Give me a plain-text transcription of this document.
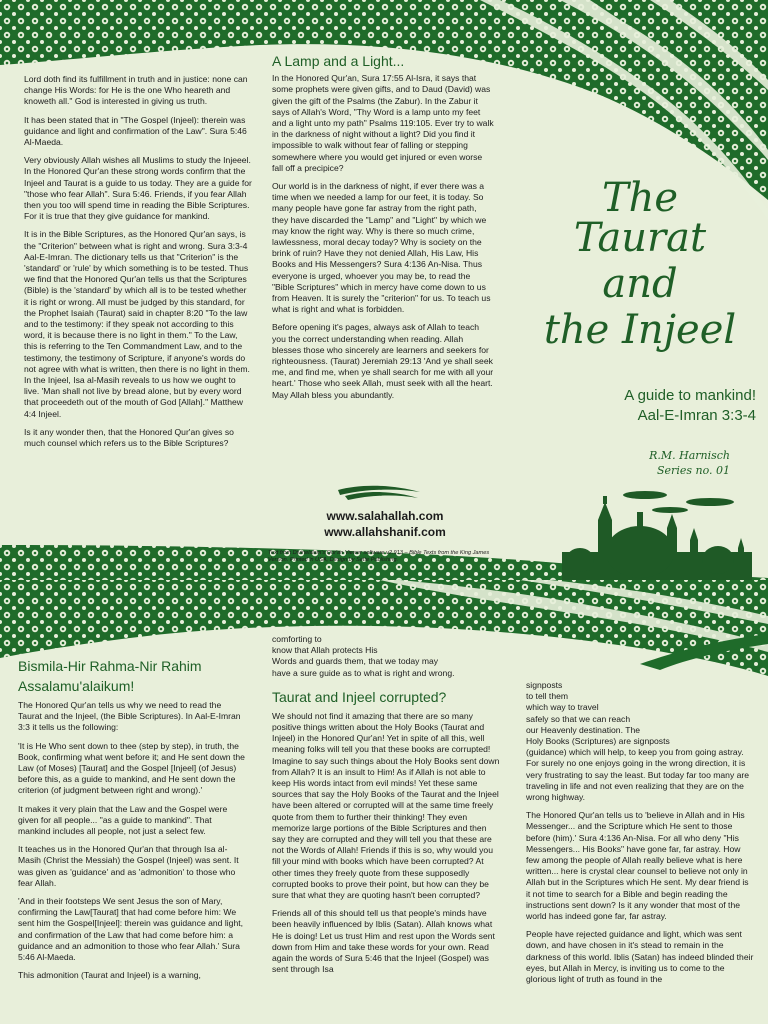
Lord doth find its fulfillment in truth and in justice: none can change His Words: for He is the one Who heareth and knoweth all." God is interested in giving us truth.

It has been stated that in "The Gospel (Injeel): therein was guidance and light and confirmation of the Law". Sura 5:46 Al-Maeda.

Very obviously Allah wishes all Muslims to study the Injeeel. In the Honored Qur'an these strong words confirm that the Injeel and Taurat is a guide to us today. They are a guide for "those who fear Allah". Sura 5:46. Friends, if you fear Allah then you too will spend time in reading the Bible Scriptures. For it is true that they give guidance for mankind.

It is in the Bible Scriptures, as the Honored Qur'an says, is the "Criterion" between what is right and wrong. Sura 3:3-4 Aal-E-Imran. The dictionary tells us that "Criterion" is the 'standard' or 'rule' by which something is to be tested. Thus we find that the Honored Qur'an tells us that the Scriptures (Bible) is the 'standard' by which all is to be tested whether it is right or wrong. All must be judged by this standard, for the Prophet Isaiah (Taurat) said in chapter 8:20 "To the law and to the testimony: if they speak not according to this word, it is because there is no light in them." To the Law, this is referring to the Ten Commandment Law, and to the testimony, the testimony of Scripture, if anyone's words do not agree with what is written, then there is no light in them. In the Injeel, Isa al-Masih reveals to us how we ought to live. 'Man shall not live by bread alone, but by every word that proceedeth out of the mouth of God [Allah]." Matthew 4:4 Injeel.

Is it any wonder then, that the Honored Qur'an gives so much counsel which refers us to the Bible Scriptures?

A Lamp and a Light...

In the Honored Qur'an, Sura 17:55 Al-Isra, it says that some prophets were given gifts, and to Daud (David) was given the gift of the Psalms (the Zabur). In the Zabur it says of Allah's Word, "Thy Word is a lamp unto my feet and a light unto my path" Psalms 119:105. Ever try to walk in the darkness of night without a light? Did you find it impossible to walk without fear of falling or stepping somewhere where you would get injured or even worse fall off a precipice?

Our world is in the darkness of night, if ever there was a time when we needed a lamp for our feet, it is today. So many people have gone far astray from the right path, they have discarded the "Lamp" and "Light" by which we may know the right way. Why is there so much crime, lawlessness, moral decay today? Why is society on the brink of ruin? Have they not denied Allah, His Law, His Books and His Messengers? Sura 4:136 An-Nisa. Thus everyone is urged, whoever you may be, to read the "Bible Scriptures" which in mercy have come down to us from Heaven. It is surely the "criterion" for us. To teach us what is right and what is forbidden.

Before opening it's pages, always ask of Allah to teach you the correct understanding when reading. Allah blesses those who sincerely are learners and seekers for righteousness. (Taurat) Jeremiah 29:13 'And ye shall seek me, and find me, when ye shall search for me with all your heart.' Those who seek Allah, must seek with all the heart. May Allah bless you abundantly.

www.salahallah.com
www.allahshanif.com
Text from Divinelslam's Qur'an Viewer software v2.913 – Bible Texts from the King James Version. Printed in USA, Design by Sette Publishing.
The Taurat
and
the Injeel
A guide to mankind!
Aal-E-Imran 3:3-4
R.M. Harnisch
Series no. 01
Bismila-Hir Rahma-Nir Rahim
Assalamu'alaikum!

The Honored Qur'an tells us why we need to read the Taurat and the Injeel, (the Bible Scriptures). In Aal-E-Imran 3:3 it tells us the following:

'It is He Who sent down to thee (step by step), in truth, the Book, confirming what went before it; and He sent down the Law (of Moses) [Taurat] and the Gospel [Injeel] (of Jesus) before this, as a guide to mankind, and He sent down the criterion (of judgment between right and wrong).'

It makes it very plain that the Law and the Gospel were given for all people... "as a guide to mankind". That mankind includes all people, not just a select few.

It teaches us in the Honored Qur'an that through Isa al-Masih (Christ the Messiah) the Gospel (Injeel) was sent. It was given as 'guidance' and as 'admonition' to those who fear Allah.

'And in their footsteps We sent Jesus the son of Mary, confirming the Law[Taurat] that had come before him: We sent him the Gospel[Injeel]: therein was guidance and light, and confirmation of the Law that had come before him: a guidance and an admonition to those who fear Allah.' Sura 5:46 Al-Maeda.

This admonition (Taurat and Injeel) is a warning,

comforting to
know that Allah protects His
Words and guards them, that we today may
have a sure guide as to what is right and wrong.
Taurat and Injeel corrupted?

We should not find it amazing that there are so many positive things written about the Holy Books (Taurat and Injeel) in the Honored Qur'an! Yet in spite of all this, well meaning folks will tell you that these books are corrupted! Imagine to say such things about the Holy Books sent down from Allah? It is an insult to Him! As if Allah is not able to keep His words intact from evil minds! Yet these same sources that say the Holy Books of the Taurat and the Injeel have been altered or corrupted will at the same time freely quote from them to further their thinking! They even memorize large portions of the Bible Scriptures and then say they are corrupted and they will tell you that these are not the Words of Allah! Friends if this is so, why would you fill your mind with books which have been corrupted? At other times they freely quote from these supposedly corrupted books to prove their point, but how can they be sure that what they are quoting hasn't been corrupted?

Friends all of this should tell us that people's minds have been heavily influenced by Iblis (Satan). Allah knows what He is doing! Let us trust Him and rest upon the Words sent down from Him and take these words for your own. Read again the words of Sura 5:46 that the Injeel (Gospel) was sent through Isa

signposts
to tell them
which way to travel
safely so that we can reach
our Heavenly destination. The
Holy Books (Scriptures) are signposts

(guidance) which will help, to keep you from going astray. For surely no one enjoys going in the wrong direction, it is very frustrating to say the least. But today far too many are traveling in life and not even realizing that they are on the wrong highway.

The Honored Qur'an tells us to 'believe in Allah and in His Messenger... and the Scripture which He sent to those before (him).' Sura 4:136 An-Nisa. For all who deny "His Messengers... His Books" have gone far, far astray. How few among the people of Allah really believe what is here written... here is crystal clear counsel to believe not only in Allah but in the Scriptures which He sent. My dear friend is it not time to search for a Bible and begin reading the instructions sent down? Is it any wonder that most of the world has indeed gone far, far astray.

People have rejected guidance and light, which was sent down, and have chosen in it's stead to remain in the darkness of this world. Iblis (Satan) has indeed blinded their eyes, but Allah in Mercy, is inviting us to come to the glorious light of truth as found in the
